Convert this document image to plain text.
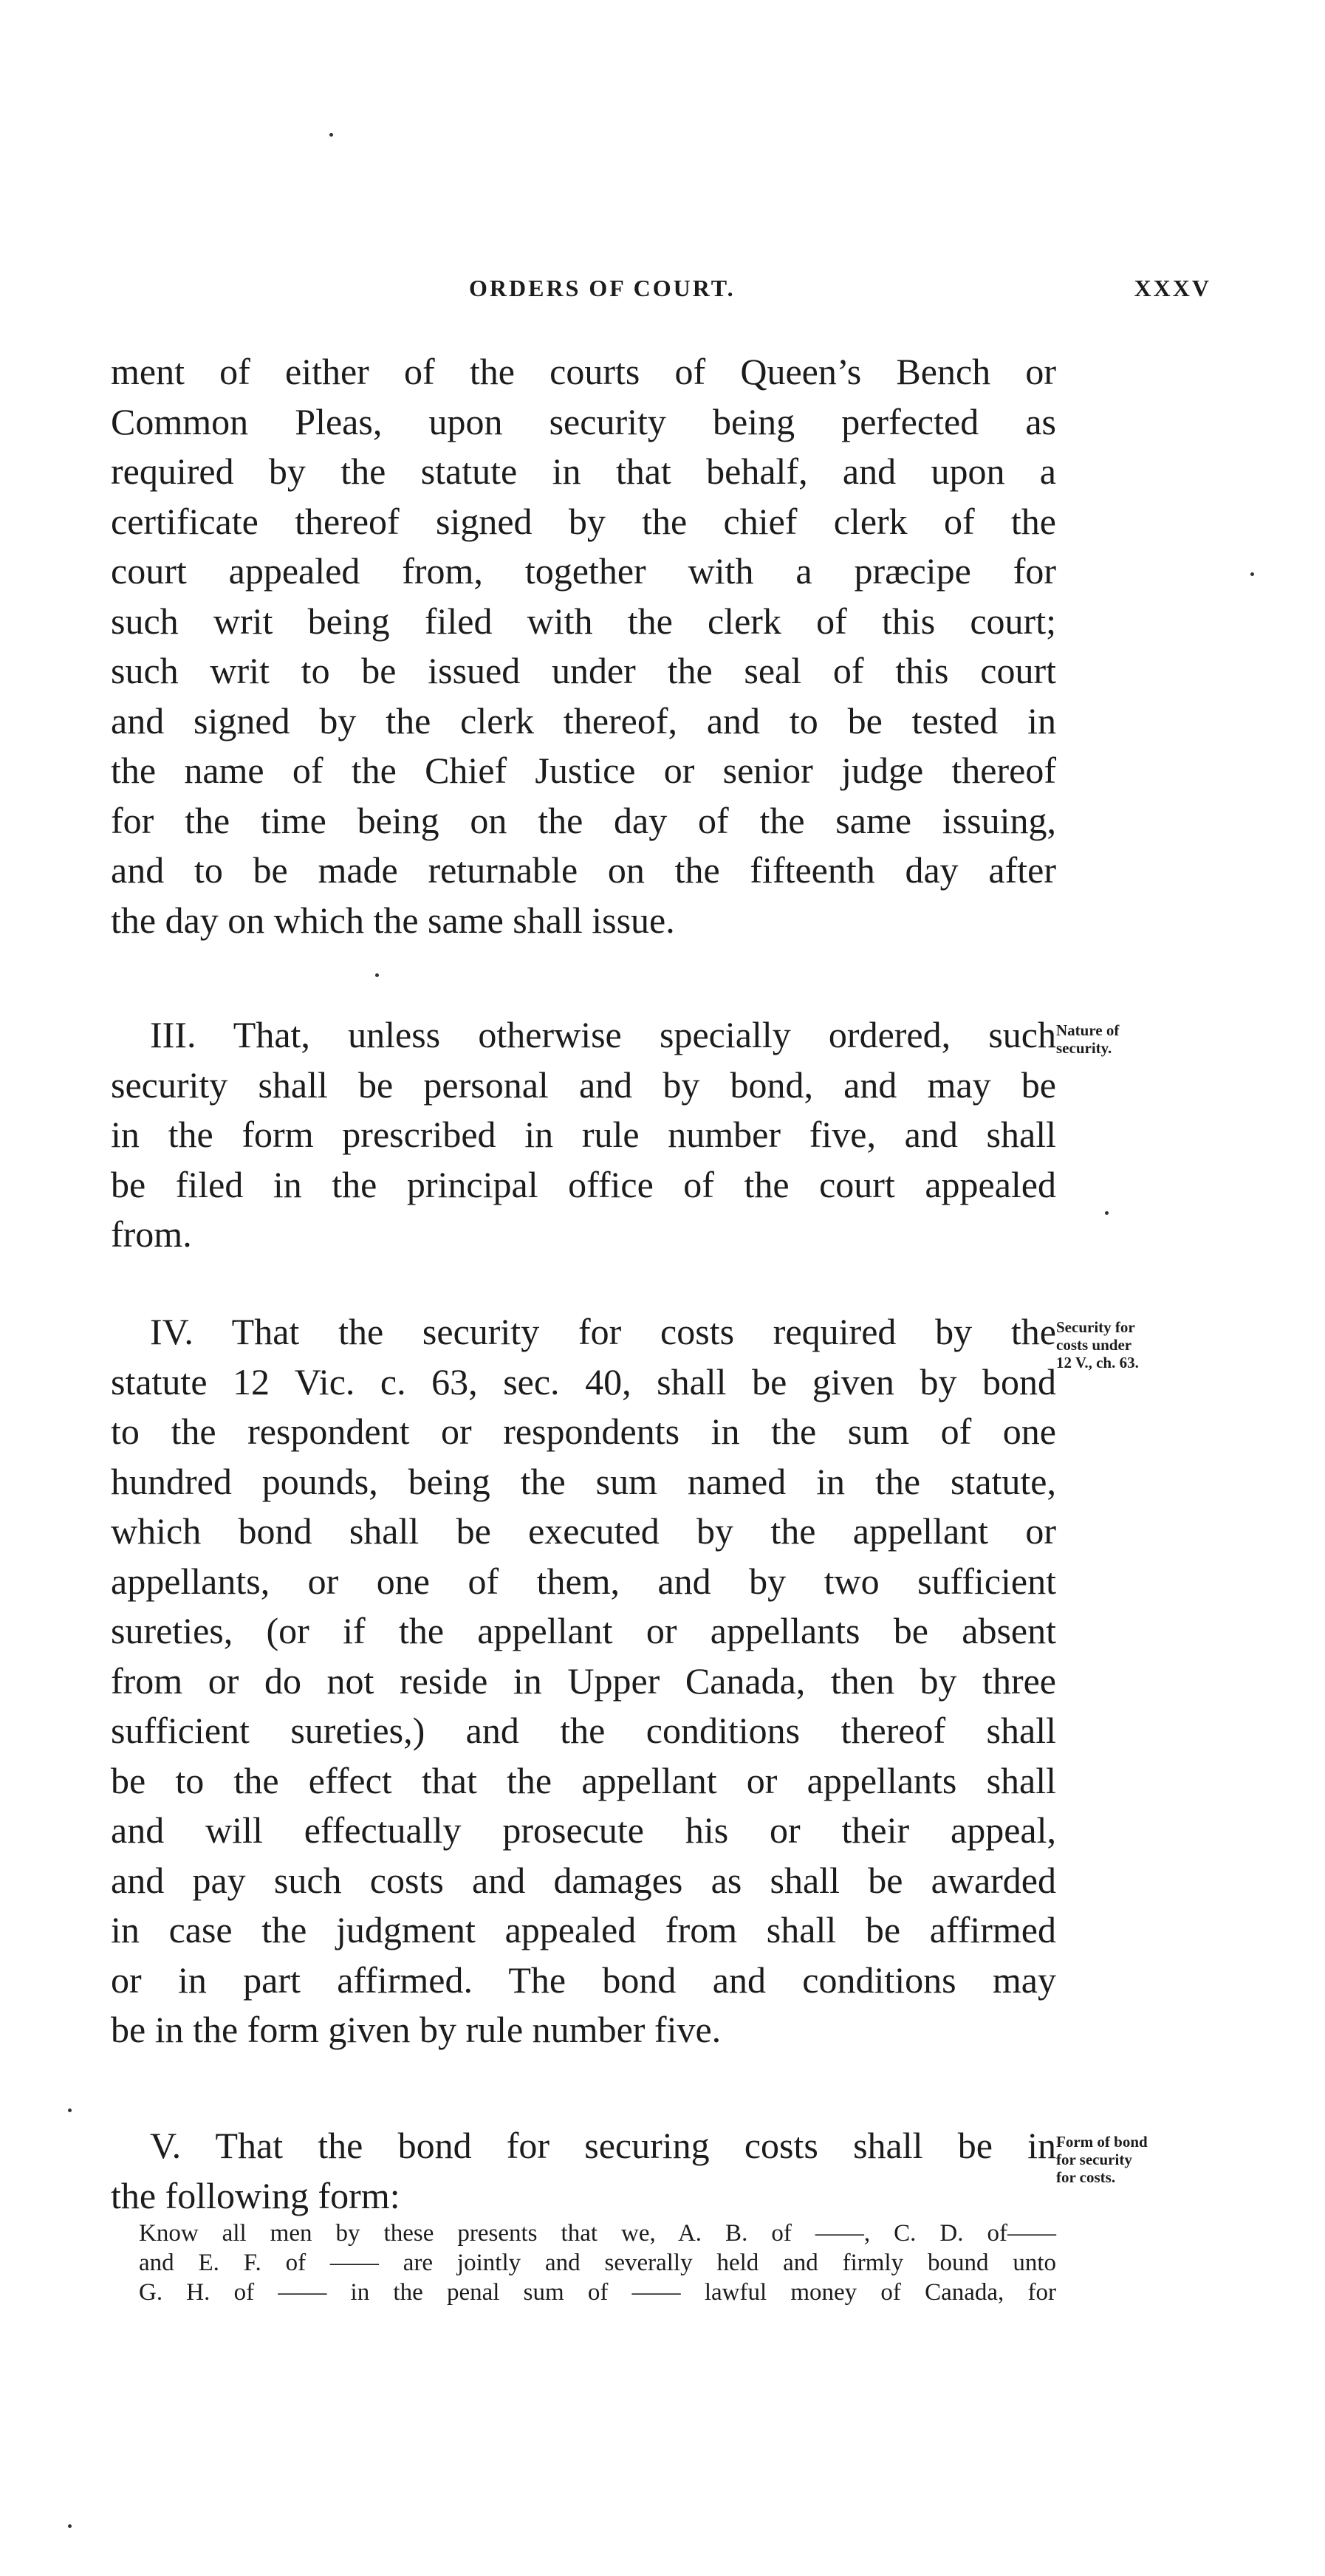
ORDERS OF COURT.	XXXV
ment of either of the courts of Queen’s Bench or
Common Pleas, upon security being perfected as
required by the statute in that behalf, and upon a
certificate thereof signed by the chief clerk of the
court appealed from, together with a præcipe for
such writ being filed with the clerk of this court;
such writ to be issued under the seal of this court
and signed by the clerk thereof, and to be tested in
the name of the Chief Justice or senior judge thereof
for the time being on the day of the same issuing,
and to be made returnable on the fifteenth day after
the day on which the same shall issue.
III. That, unless otherwise specially ordered, such
security shall be personal and by bond, and may be
in the form prescribed in rule number five, and shall
be filed in the principal office of the court appealed
from.
Nature of
security.
IV. That the security for costs required by the
statute 12 Vic. c. 63, sec. 40, shall be given by bond
to the respondent or respondents in the sum of one
hundred pounds, being the sum named in the statute,
which bond shall be executed by the appellant or
appellants, or one of them, and by two sufficient
sureties, (or if the appellant or appellants be absent
from or do not reside in Upper Canada, then by three
sufficient sureties,) and the conditions thereof shall
be to the effect that the appellant or appellants shall
and will effectually prosecute his or their appeal,
and pay such costs and damages as shall be awarded
in case the judgment appealed from shall be affirmed
or in part affirmed. The bond and conditions may
be in the form given by rule number five.
Security for
costs under
12 V., ch. 63.
V. That the bond for securing costs shall be in
the following form:
Form of bond
for security
for costs.
Know all men by these presents that we, A. B. of ——, C. D. of——
and E. F. of —— are jointly and severally held and firmly bound unto
G. H. of —— in the penal sum of —— lawful money of Canada, for
